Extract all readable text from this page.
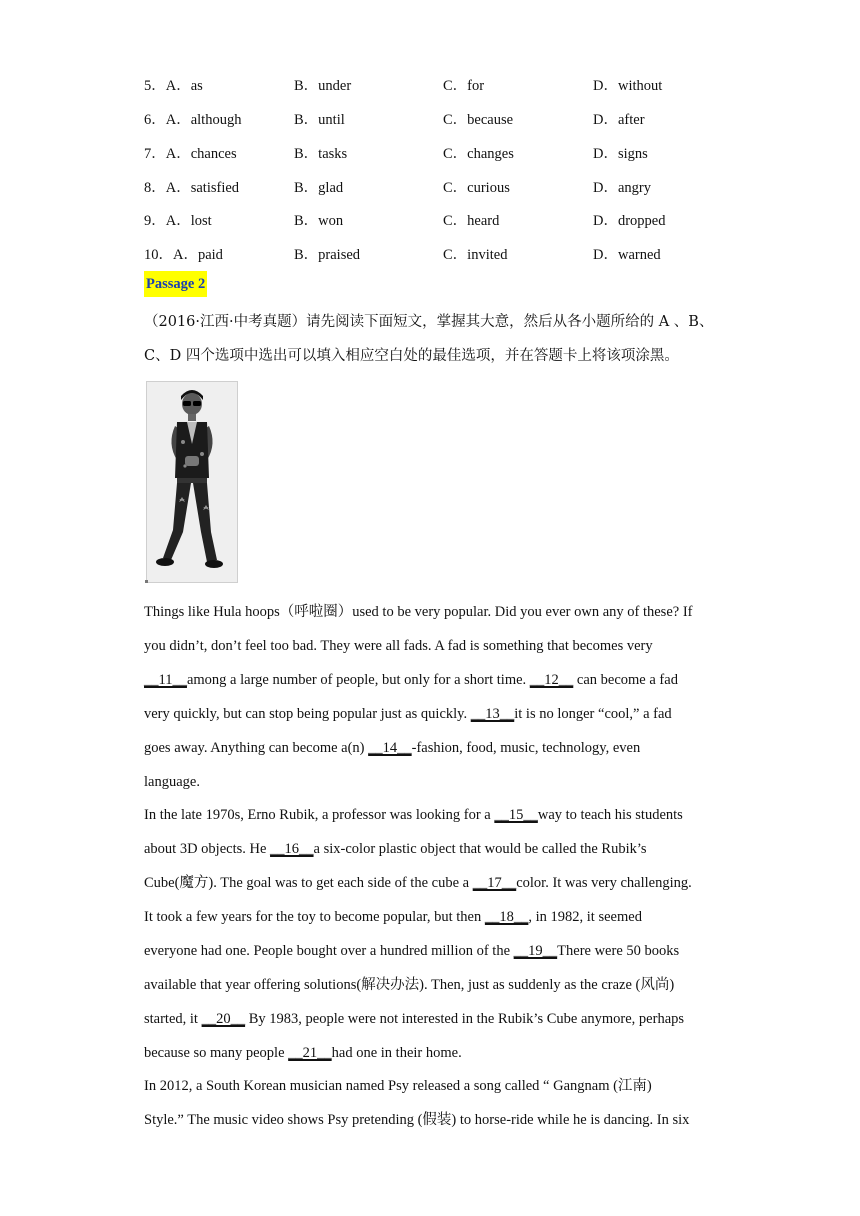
5．A．as	B．under	C．for	D．without
6．A．although	B．until	C．because	D．after
7．A．chances	B．tasks	C．changes	D．signs
8．A．satisfied	B．glad	C．curious	D．angry
9．A．lost	B．won	C．heard	D．dropped
10．A．paid	B．praised	C．invited	D．warned
Passage 2
（2016·江西·中考真题）请先阅读下面短文，掌握其大意，然后从各小题所给的 A 、B、
C、D 四个选项中选出可以填入相应空白处的最佳选项，并在答题卡上将该项涂黑。
Things like Hula hoops（呼啦圈）used to be very popular. Did you ever own any of these? If
you didn’t, don’t feel too bad. They were all fads. A fad is something that becomes very
__11__among a large number of people, but only for a short time. __12__ can become a fad
very quickly, but can stop being popular just as quickly. __13__it is no longer “cool,” a fad
goes away. Anything can become a(n) __14__-fashion, food, music, technology, even
language.
In the late 1970s, Erno Rubik, a professor was looking for a __15__way to teach his students
about 3D objects. He __16__a six-color plastic object that would be called the Rubik’s
Cube(魔方). The goal was to get each side of the cube a __17__color. It was very challenging.
It took a few years for the toy to become popular, but then __18__, in 1982, it seemed
everyone had one. People bought over a hundred million of the __19__There were 50 books
available that year offering solutions(解决办法). Then, just as suddenly as the craze (风尚)
started, it __20__ By 1983, people were not interested in the Rubik’s Cube anymore, perhaps
because so many people __21__had one in their home.
In 2012, a South Korean musician named Psy released a song called “ Gangnam (江南)
Style.” The music video shows Psy pretending (假装) to horse-ride while he is dancing. In six
